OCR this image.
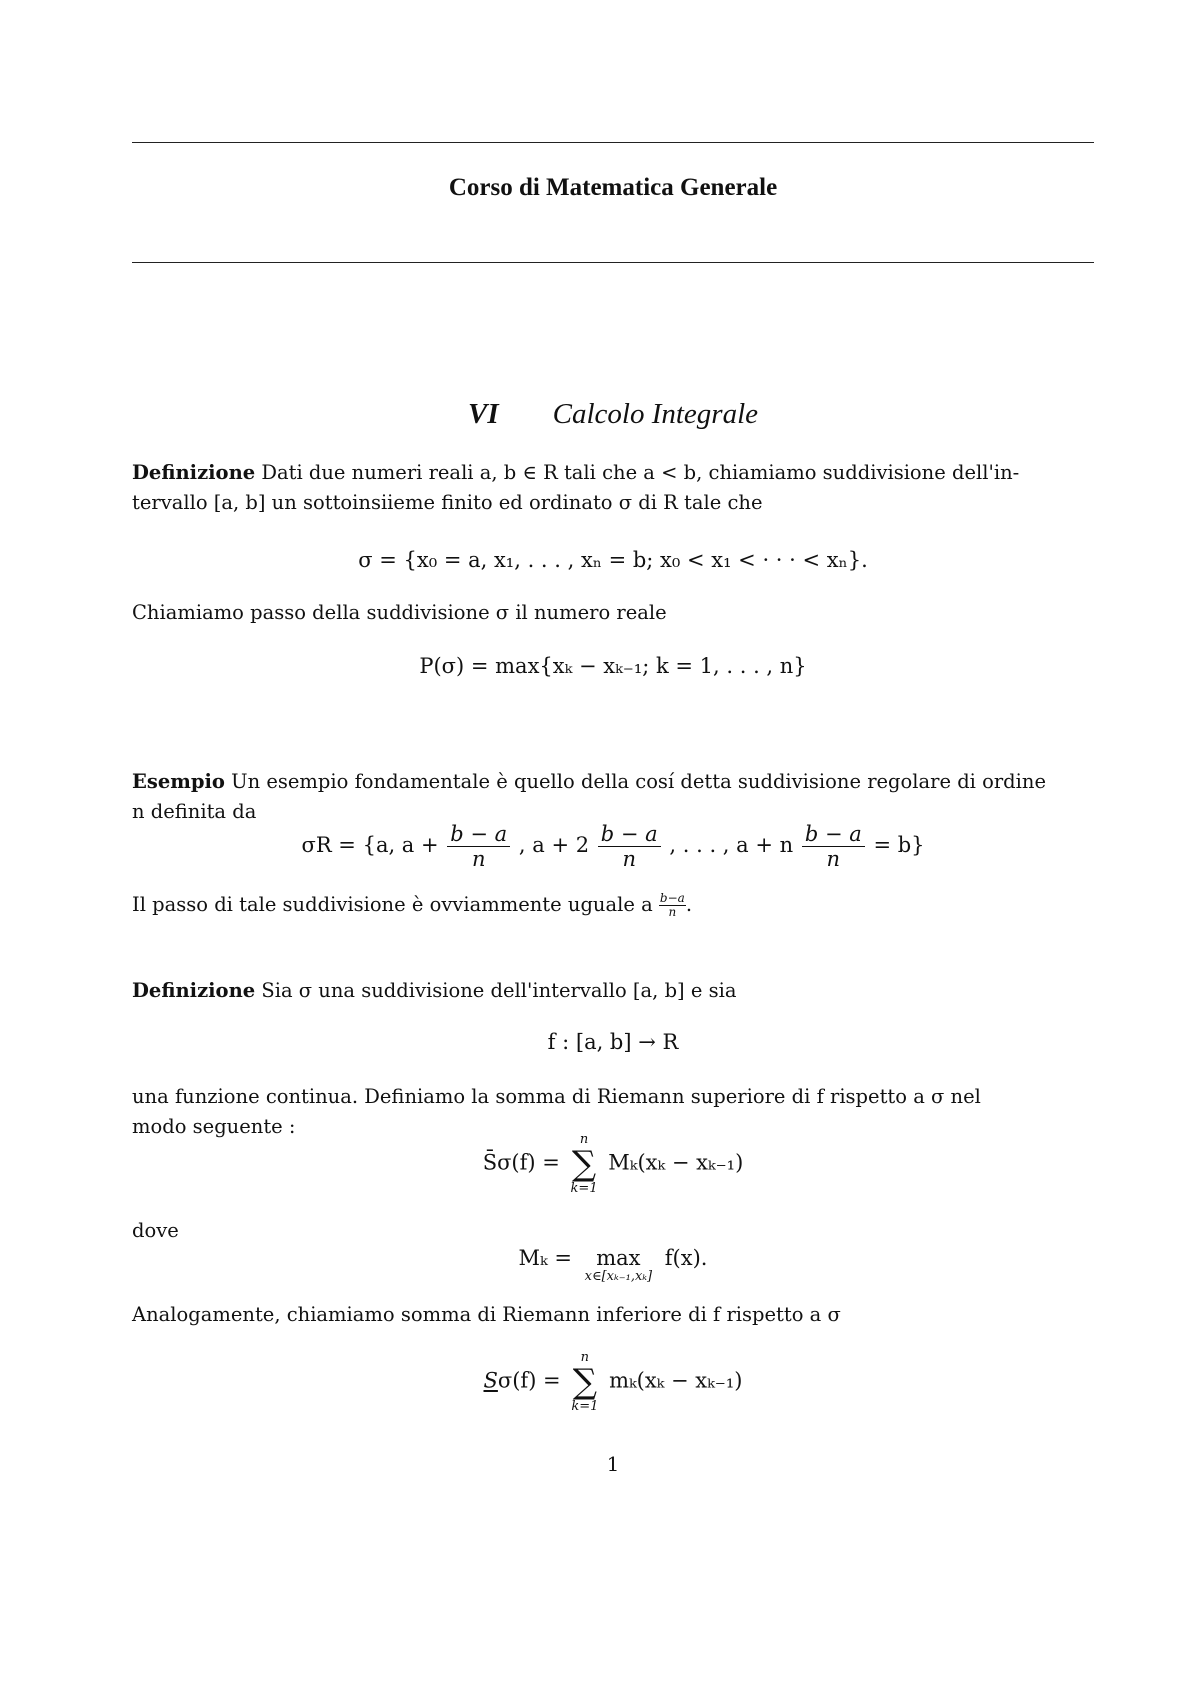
Corso di Matematica Generale
VI Calcolo Integrale
Definizione Dati due numeri reali a, b ∈ R tali che a < b, chiamiamo suddivisione dell'in-
tervallo [a, b] un sottoinsiieme finito ed ordinato σ di R tale che
σ = {x₀ = a, x₁, . . . , xₙ = b; x₀ < x₁ < · · · < xₙ}.
Chiamiamo passo della suddivisione σ il numero reale
P(σ) = max{xₖ − xₖ₋₁; k = 1, . . . , n}
Esempio Un esempio fondamentale è quello della cosí detta suddivisione regolare di ordine
n definita da
σR = {a, $a + \frac{b - a}{n}$ , $a + 2 \frac{b - a}{n}$ , . . . , a + n $\frac{b - a}{n} = b$}
Il passo di tale suddivisione è ovviammente uguale a $\frac{b-a}{n}$ .
Definizione Sia σ una suddivisione dell'intervallo [a, b] e sia
f : [a, b] → R
una funzione continua. Definiamo la somma di Riemann superiore di f rispetto a σ nel
modo seguente :
S̄σ(f) =
n
∑
k=1
Mₖ(xₖ − xₖ₋₁)
dove
Mₖ =	max
x∈[xₖ₋₁,xₖ]
f(x).
Analogamente, chiamiamo somma di Riemann inferiore di f rispetto a σ
Sσ(f) =
n
∑
k=1
mₖ(xₖ − xₖ₋₁)
1
